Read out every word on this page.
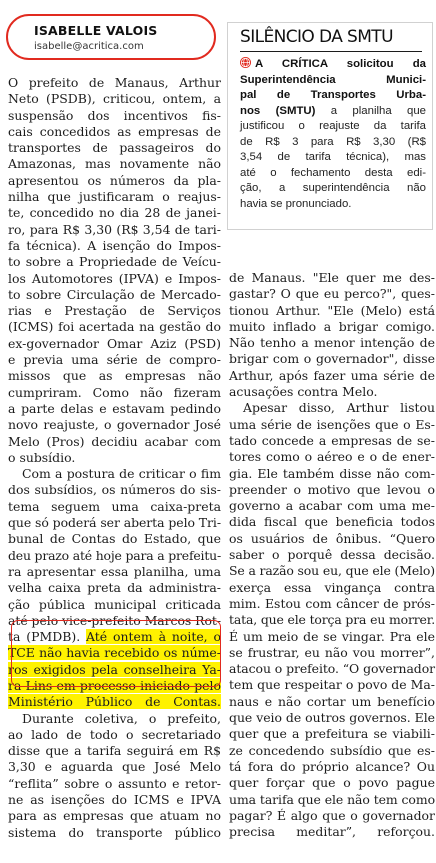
ISABELLE VALOIS
isabelle@acritica.com	SILÊNCIO DA SMTU
A CRÍTICA solicitou da
Superintendência Munici-
pal de Transportes Urba-
nos (SMTU) a planilha que
justificou o reajuste da tarifa
de R$ 3 para R$ 3,30 (R$
3,54 de tarifa técnica), mas
até o fechamento desta edi-
ção, a superintendência não
havia se pronunciado.
O prefeito de Manaus, Arthur
Neto (PSDB), criticou, ontem, a
suspensão dos incentivos fis-
cais concedidos as empresas de
transportes de passageiros do
Amazonas, mas novamente não
apresentou os números da pla-
nilha que justificaram o reajus-
te, concedido no dia 28 de janei-
ro, para R$ 3,30 (R$ 3,54 de tari-
fa técnica). A isenção do Impos-
to sobre a Propriedade de Veícu-
los Automotores (IPVA) e Impos-
to sobre Circulação de Mercado-
rias e Prestação de Serviços
(ICMS) foi acertada na gestão do
ex-governador Omar Aziz (PSD)
e previa uma série de compro-
missos que as empresas não
cumpriram. Como não fizeram
a parte delas e estavam pedindo
novo reajuste, o governador José
Melo (Pros) decidiu acabar com
o subsídio.
Com a postura de criticar o fim
dos subsídios, os números do sis-
tema seguem uma caixa-preta
que só poderá ser aberta pelo Tri-
bunal de Contas do Estado, que
deu prazo até hoje para a prefeitu-
ra apresentar essa planilha, uma
velha caixa preta da administra-
ção pública municipal criticada
até pelo vice-prefeito Marcos Rot-
ta (PMDB). Até ontem à noite, o
TCE não havia recebido os núme-
ros exigidos pela conselheira Ya-
ra Lins em processo iniciado pelo
Ministério Público de Contas.
Durante coletiva, o prefeito,
ao lado de todo o secretariado
disse que a tarifa seguirá em R$
3,30 e aguarda que José Melo
“reflita” sobre o assunto e retor-
ne as isenções do ICMS e IPVA
para as empresas que atuam no
sistema do transporte público
de Manaus. "Ele quer me des-
gastar? O que eu perco?", ques-
tionou Arthur. "Ele (Melo) está
muito inflado a brigar comigo.
Não tenho a menor intenção de
brigar com o governador", disse
Arthur, após fazer uma série de
acusações contra Melo.
Apesar disso, Arthur listou
uma série de isenções que o Es-
tado concede a empresas de se-
tores como o aéreo e o de ener-
gia. Ele também disse não com-
preender o motivo que levou o
governo a acabar com uma me-
dida fiscal que beneficia todos
os usuários de ônibus. “Quero
saber o porquê dessa decisão.
Se a razão sou eu, que ele (Melo)
exerça essa vingança contra
mim. Estou com câncer de prós-
tata, que ele torça pra eu morrer.
É um meio de se vingar. Pra ele
se frustrar, eu não vou morrer”,
atacou o prefeito. “O governador
tem que respeitar o povo de Ma-
naus e não cortar um benefício
que veio de outros governos. Ele
quer que a prefeitura se viabili-
ze concedendo subsídio que es-
tá fora do próprio alcance? Ou
quer forçar que o povo pague
uma tarifa que ele não tem como
pagar? É algo que o governador
precisa meditar”, reforçou.
